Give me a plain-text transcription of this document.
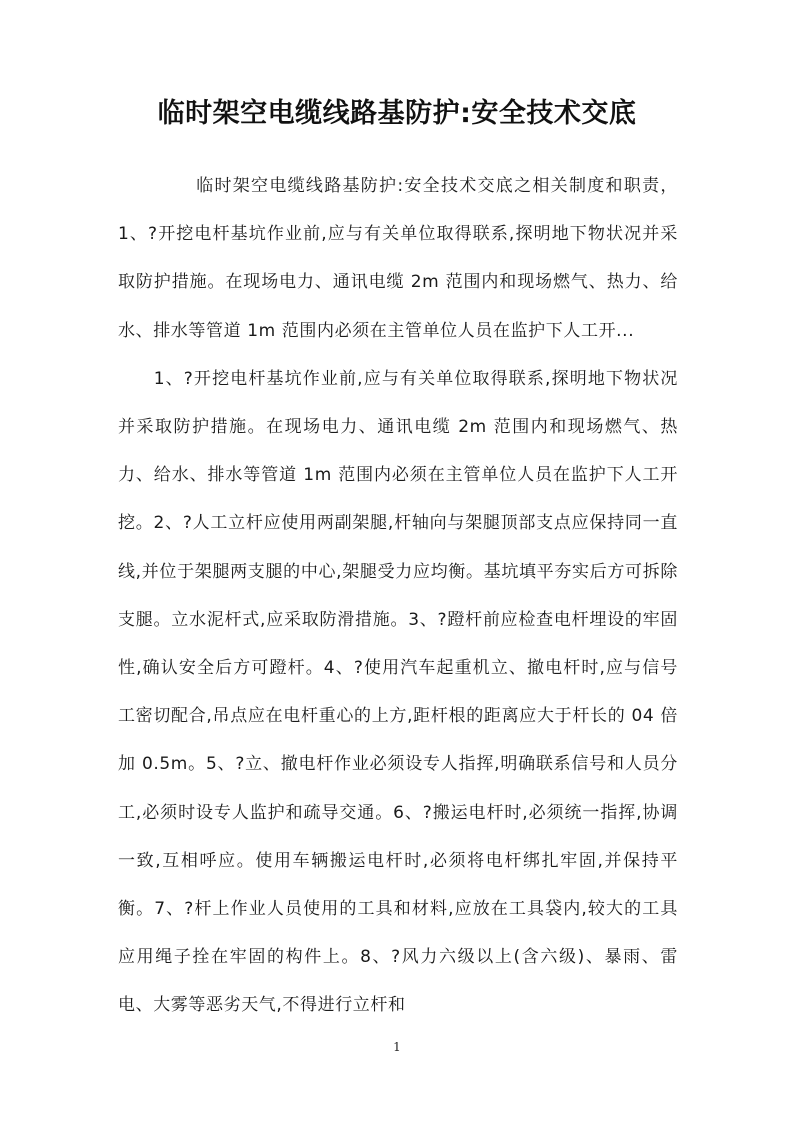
临时架空电缆线路基防护:安全技术交底

临时架空电缆线路基防护:安全技术交底之相关制度和职责，1、?开挖电杆基坑作业前,应与有关单位取得联系,探明地下物状况并采取防护措施。在现场电力、通讯电缆 2m 范围内和现场燃气、热力、给水、排水等管道 1m 范围内必须在主管单位人员在监护下人工开...

1、?开挖电杆基坑作业前,应与有关单位取得联系,探明地下物状况并采取防护措施。在现场电力、通讯电缆 2m 范围内和现场燃气、热力、给水、排水等管道 1m 范围内必须在主管单位人员在监护下人工开挖。2、?人工立杆应使用两副架腿,杆轴向与架腿顶部支点应保持同一直线,并位于架腿两支腿的中心,架腿受力应均衡。基坑填平夯实后方可拆除支腿。立水泥杆式,应采取防滑措施。3、?蹬杆前应检查电杆埋设的牢固性,确认安全后方可蹬杆。4、?使用汽车起重机立、撤电杆时,应与信号工密切配合,吊点应在电杆重心的上方,距杆根的距离应大于杆长的 04 倍加 0.5m。5、?立、撤电杆作业必须设专人指挥,明确联系信号和人员分工,必须时设专人监护和疏导交通。6、?搬运电杆时,必须统一指挥,协调一致,互相呼应。使用车辆搬运电杆时,必须将电杆绑扎牢固,并保持平衡。7、?杆上作业人员使用的工具和材料,应放在工具袋内,较大的工具应用绳子拴在牢固的构件上。8、?风力六级以上(含六级)、暴雨、雷电、大雾等恶劣天气,不得进行立杆和

1
